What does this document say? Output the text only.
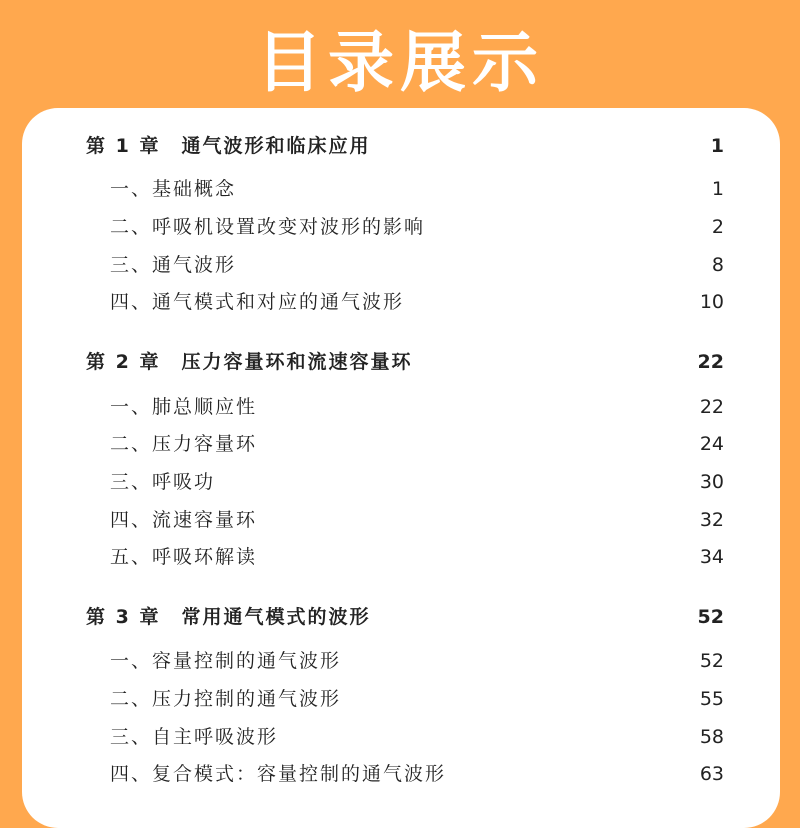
目录展示
第 1 章　通气波形和临床应用	1
一、基础概念	1
二、呼吸机设置改变对波形的影响	2
三、通气波形	8
四、通气模式和对应的通气波形	10
第 2 章　压力容量环和流速容量环	22
一、肺总顺应性	22
二、压力容量环	24
三、呼吸功	30
四、流速容量环	32
五、呼吸环解读	34
第 3 章　常用通气模式的波形	52
一、容量控制的通气波形	52
二、压力控制的通气波形	55
三、自主呼吸波形	58
四、复合模式：容量控制的通气波形	63
